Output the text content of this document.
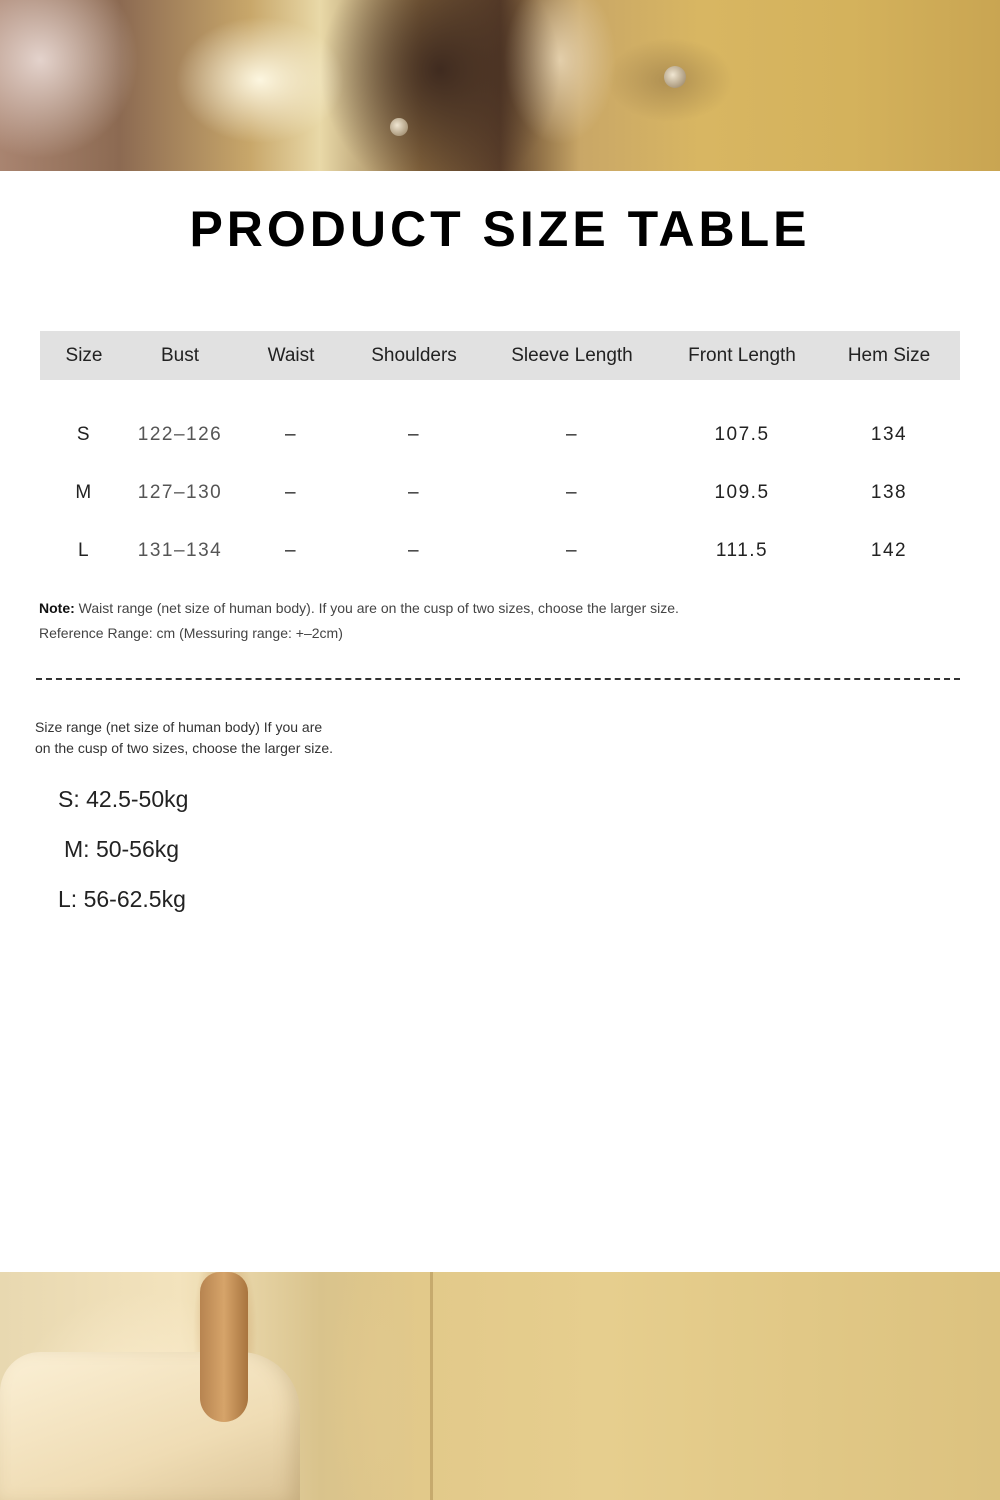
PRODUCT SIZE TABLE
Size	Bust	Waist	Shoulders	Sleeve Length	Front Length	Hem Size
S	122–126	–	–	–	107.5	134
M	127–130	–	–	–	109.5	138
L	131–134	–	–	–	111.5	142
Note: Waist range (net size of human body). If you are on the cusp of two sizes, choose the larger size.
Reference Range: cm (Messuring range: +–2cm)
Size range (net size of human body) If you are
on the cusp of two sizes, choose the larger size.
S: 42.5-50kg
M: 50-56kg
L: 56-62.5kg
